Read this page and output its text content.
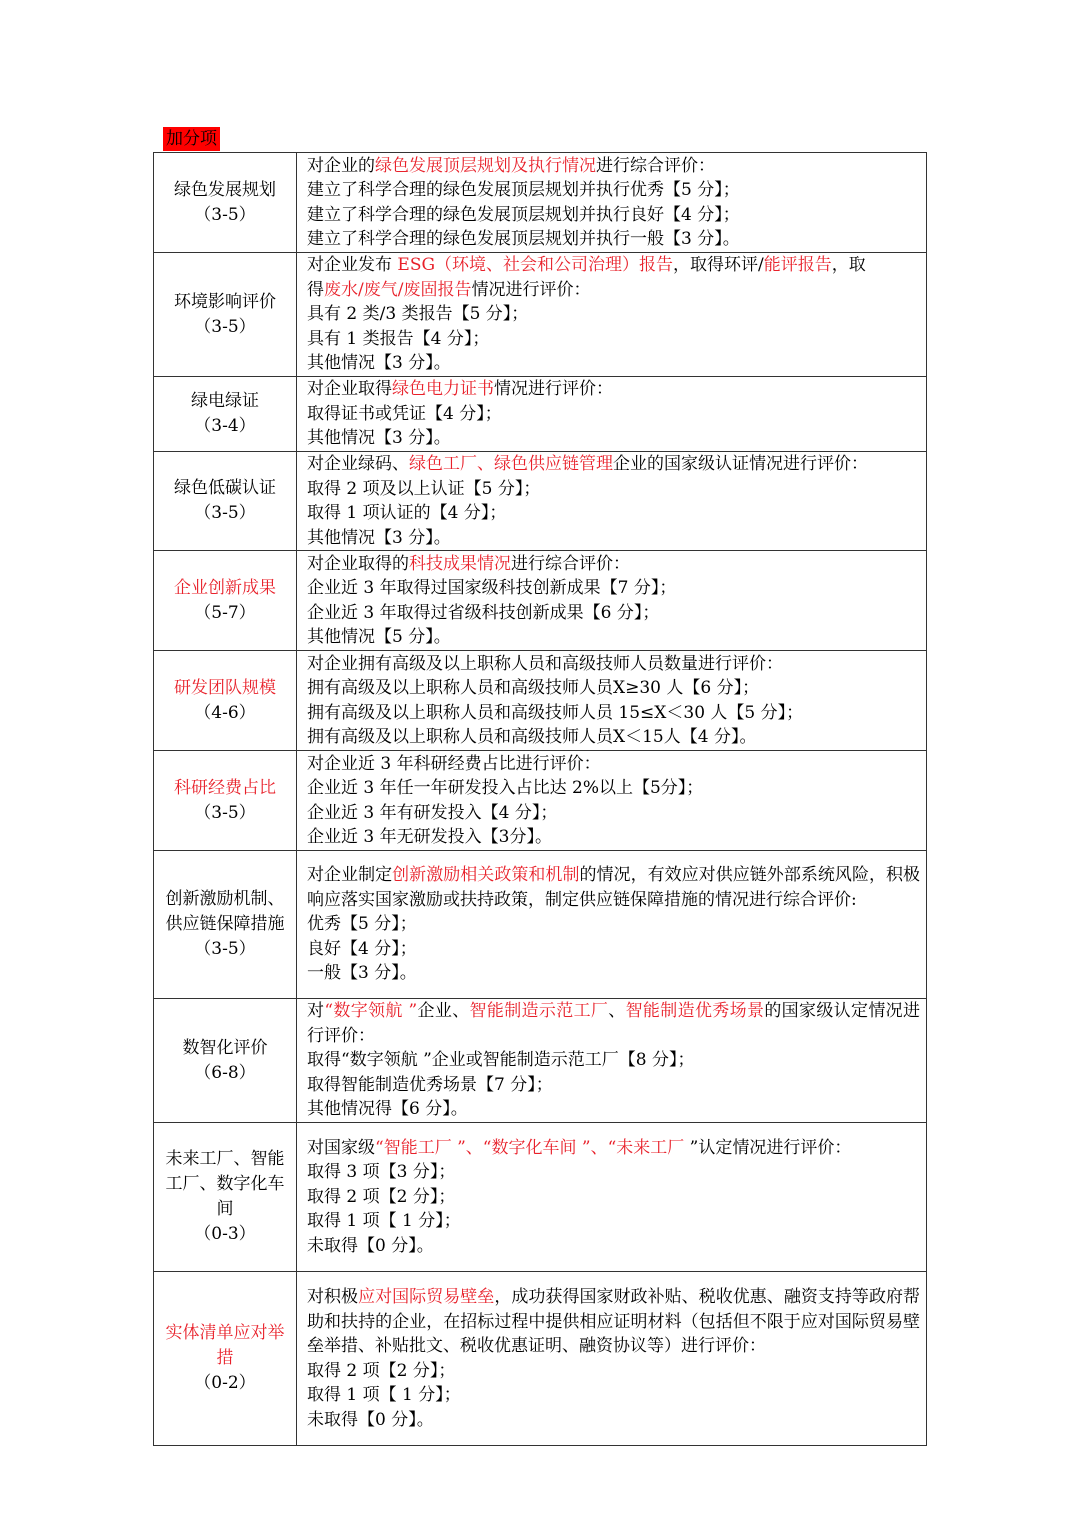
加分项
绿色发展规划
（3-5）	对企业的绿色发展顶层规划及执行情况进行综合评价：
建立了科学合理的绿色发展顶层规划并执行优秀【5 分】；
建立了科学合理的绿色发展顶层规划并执行良好【4 分】；
建立了科学合理的绿色发展顶层规划并执行一般【3 分】。

环境影响评价
（3-5）	对企业发布 ESG（环境、社会和公司治理）报告，取得环评/能评报告，取
得废水/废气/废固报告情况进行评价：
具有 2 类/3 类报告【5 分】；
具有 1 类报告【4 分】；
其他情况【3 分】。

绿电绿证
（3-4）	对企业取得绿色电力证书情况进行评价：
取得证书或凭证【4 分】；
其他情况【3 分】。

绿色低碳认证
（3-5）	对企业绿码、绿色工厂、绿色供应链管理企业的国家级认证情况进行评价：
取得 2 项及以上认证【5 分】；
取得 1 项认证的【4 分】；
其他情况【3 分】。

企业创新成果
（5-7）	对企业取得的科技成果情况进行综合评价：
企业近 3 年取得过国家级科技创新成果【7 分】；
企业近 3 年取得过省级科技创新成果【6 分】；
其他情况【5 分】。

研发团队规模
（4-6）	对企业拥有高级及以上职称人员和高级技师人员数量进行评价：
拥有高级及以上职称人员和高级技师人员X≥30 人【6 分】；
拥有高级及以上职称人员和高级技师人员 15≤X＜30 人【5 分】；
拥有高级及以上职称人员和高级技师人员X＜15人【4 分】。

科研经费占比
（3-5）	对企业近 3 年科研经费占比进行评价：
企业近 3 年任一年研发投入占比达 2%以上【5分】；
企业近 3 年有研发投入【4 分】；
企业近 3 年无研发投入【3分】。

创新激励机制、供应链保障措施
（3-5）	对企业制定创新激励相关政策和机制的情况，有效应对供应链外部系统风险，积极响应落实国家激励或扶持政策，制定供应链保障措施的情况进行综合评价:
优秀【5 分】；
良好【4 分】；
一般【3 分】。

数智化评价
（6-8）	对“数字领航 ”企业、智能制造示范工厂、智能制造优秀场景的国家级认定情况进行评价：
取得“数字领航 ”企业或智能制造示范工厂【8 分】；
取得智能制造优秀场景【7 分】；
其他情况得【6 分】。

未来工厂、智能工厂、数字化车间
（0-3）	对国家级“智能工厂 ”、“数字化车间 ”、“未来工厂 ”认定情况进行评价：
取得 3 项【3 分】；
取得 2 项【2 分】；
取得 1 项【 1 分】；
未取得【0 分】。

实体清单应对举措
（0-2）	对积极应对国际贸易壁垒，成功获得国家财政补贴、税收优惠、融资支持等政府帮助和扶持的企业，在招标过程中提供相应证明材料（包括但不限于应对国际贸易壁垒举措、补贴批文、税收优惠证明、融资协议等）进行评价：
取得 2 项【2 分】；
取得 1 项【 1 分】；
未取得【0 分】。
